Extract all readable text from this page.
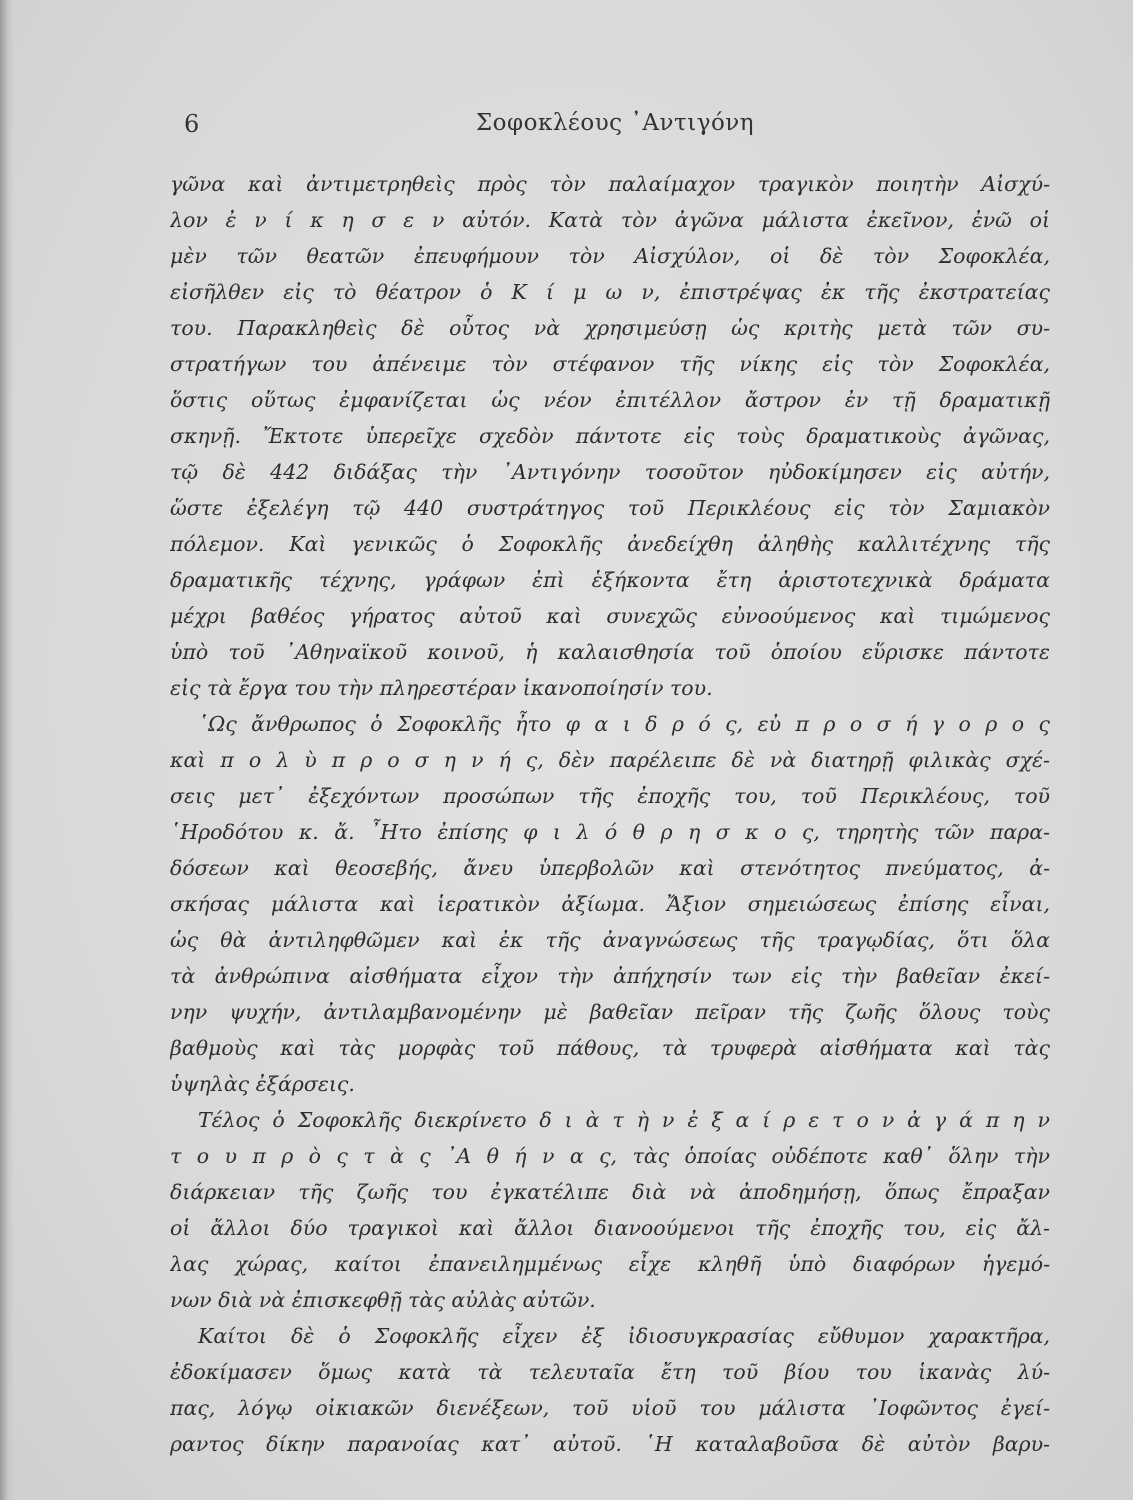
6	Σοφοκλέους ᾿Αντιγόνη
γῶνα καὶ ἀντιμετρηθεὶς πρὸς τὸν παλαίμαχον τραγικὸν ποιητὴν Αἰσχύ-
λον ἐ ν ί κ η σ ε ν αὐτόν. Κατὰ τὸν ἀγῶνα μάλιστα ἐκεῖνον, ἐνῶ οἱ
μὲν τῶν θεατῶν ἐπευφήμουν τὸν Αἰσχύλον, οἱ δὲ τὸν Σοφοκλέα,
εἰσῆλθεν εἰς τὸ θέατρον ὁ Κ ί μ ω ν, ἐπιστρέψας ἐκ τῆς ἐκστρατείας
του. Παρακληθεὶς δὲ οὗτος νὰ χρησιμεύσῃ ὡς κριτὴς μετὰ τῶν συ-
στρατήγων του ἀπένειμε τὸν στέφανον τῆς νίκης εἰς τὸν Σοφοκλέα,
ὅστις οὕτως ἐμφανίζεται ὡς νέον ἐπιτέλλον ἄστρον ἐν τῇ δραματικῇ
σκηνῇ. Ἔκτοτε ὑπερεῖχε σχεδὸν πάντοτε εἰς τοὺς δραματικοὺς ἀγῶνας,
τῷ δὲ 442 διδάξας τὴν ᾿Αντιγόνην τοσοῦτον ηὐδοκίμησεν εἰς αὐτήν,
ὥστε ἐξελέγη τῷ 440 συστράτηγος τοῦ Περικλέους εἰς τὸν Σαμιακὸν
πόλεμον. Καὶ γενικῶς ὁ Σοφοκλῆς ἀνεδείχθη ἀληθὴς καλλιτέχνης τῆς
δραματικῆς τέχνης, γράφων ἐπὶ ἑξήκοντα ἔτη ἀριστοτεχνικὰ δράματα
μέχρι βαθέος γήρατος αὐτοῦ καὶ συνεχῶς εὐνοούμενος καὶ τιμώμενος
ὑπὸ τοῦ ᾿Αθηναϊκοῦ κοινοῦ, ἡ καλαισθησία τοῦ ὁποίου εὕρισκε πάντοτε
εἰς τὰ ἔργα του τὴν πληρεστέραν ἱκανοποίησίν του.
῾Ως ἄνθρωπος ὁ Σοφοκλῆς ἦτο φ α ι δ ρ ό ς, εὐ π ρ ο σ ή γ ο ρ ο ς
καὶ π ο λ ὺ π ρ ο σ η ν ή ς, δὲν παρέλειπε δὲ νὰ διατηρῇ φιλικὰς σχέ-
σεις μετ᾿ ἐξεχόντων προσώπων τῆς ἐποχῆς του, τοῦ Περικλέους, τοῦ
῾Ηροδότου κ. ἄ. ῏Ητο ἐπίσης φ ι λ ό θ ρ η σ κ ο ς, τηρητὴς τῶν παρα-
δόσεων καὶ θεοσεβής, ἄνευ ὑπερβολῶν καὶ στενότητος πνεύματος, ἀ-
σκήσας μάλιστα καὶ ἱερατικὸν ἀξίωμα. Ἄξιον σημειώσεως ἐπίσης εἶναι,
ὡς θὰ ἀντιληφθῶμεν καὶ ἐκ τῆς ἀναγνώσεως τῆς τραγῳδίας, ὅτι ὅλα
τὰ ἀνθρώπινα αἰσθήματα εἶχον τὴν ἀπήχησίν των εἰς τὴν βαθεῖαν ἐκεί-
νην ψυχήν, ἀντιλαμβανομένην μὲ βαθεῖαν πεῖραν τῆς ζωῆς ὅλους τοὺς
βαθμοὺς καὶ τὰς μορφὰς τοῦ πάθους, τὰ τρυφερὰ αἰσθήματα καὶ τὰς
ὑψηλὰς ἐξάρσεις.
Τέλος ὁ Σοφοκλῆς διεκρίνετο δ ι ὰ τ ὴ ν ἐ ξ α ί ρ ε τ ο ν ἀ γ ά π η ν
τ ο υ π ρ ὸ ς τ ὰ ς ᾿Α θ ή ν α ς, τὰς ὁποίας οὐδέποτε καθ᾿ ὅλην τὴν
διάρκειαν τῆς ζωῆς του ἐγκατέλιπε διὰ νὰ ἀποδημήσῃ, ὅπως ἔπραξαν
οἱ ἄλλοι δύο τραγικοὶ καὶ ἄλλοι διανοούμενοι τῆς ἐποχῆς του, εἰς ἄλ-
λας χώρας, καίτοι ἐπανειλημμένως εἶχε κληθῆ ὑπὸ διαφόρων ἡγεμό-
νων διὰ νὰ ἐπισκεφθῇ τὰς αὐλὰς αὐτῶν.
Καίτοι δὲ ὁ Σοφοκλῆς εἶχεν ἐξ ἰδιοσυγκρασίας εὔθυμον χαρακτῆρα,
ἐδοκίμασεν ὅμως κατὰ τὰ τελευταῖα ἔτη τοῦ βίου του ἱκανὰς λύ-
πας, λόγῳ οἰκιακῶν διενέξεων, τοῦ υἱοῦ του μάλιστα ᾿Ιοφῶντος ἐγεί-
ραντος δίκην παρανοίας κατ᾿ αὐτοῦ. ῾Η καταλαβοῦσα δὲ αὐτὸν βαρυ-
